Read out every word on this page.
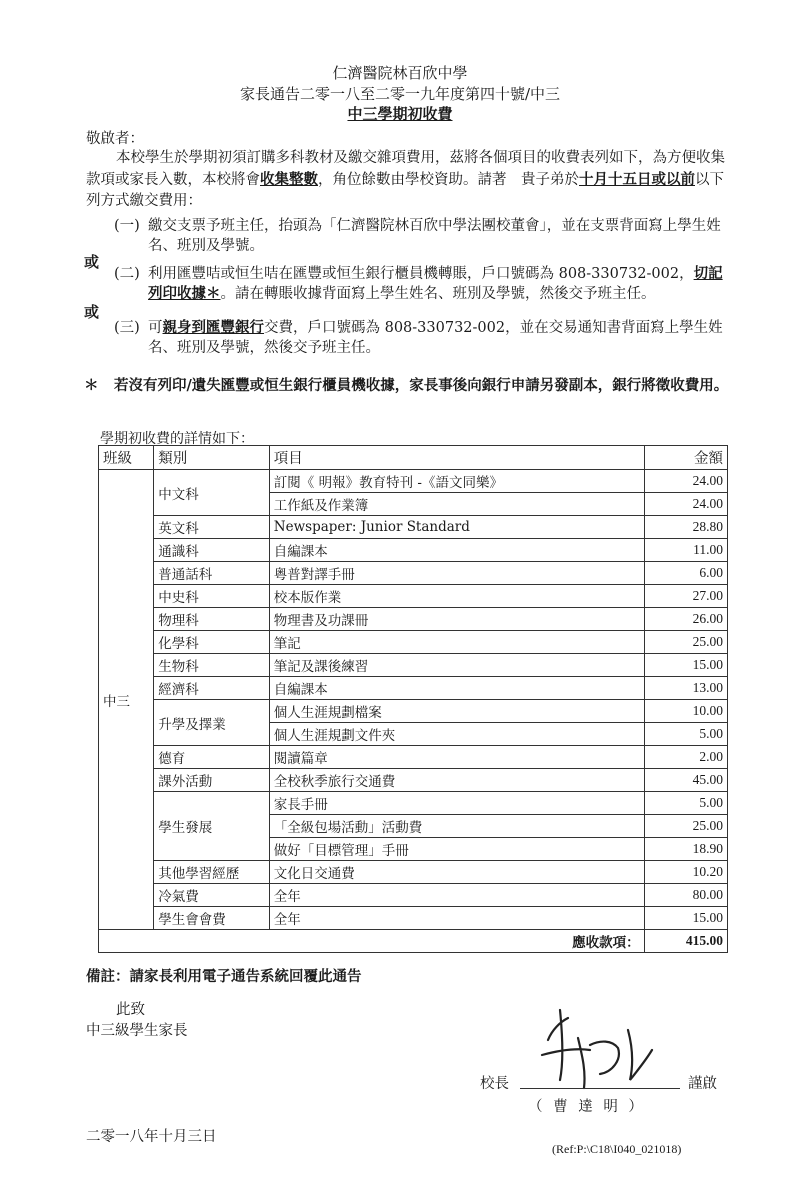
仁濟醫院林百欣中學
家長通告二零一八至二零一九年度第四十號/中三
中三學期初收費
敬啟者：
本校學生於學期初須訂購多科教材及繳交雜項費用，茲將各個項目的收費表列如下，為方便收集款項或家長入數，本校將會收集整數，角位餘數由學校資助。請著　貴子弟於十月十五日或以前以下列方式繳交費用：
(一) 繳交支票予班主任，抬頭為「仁濟醫院林百欣中學法團校董會」，並在支票背面寫上學生姓名、班別及學號。
或
(二) 利用匯豐咭或恒生咭在匯豐或恒生銀行櫃員機轉賬，戶口號碼為 808-330732-002，切記列印收據＊。請在轉賬收據背面寫上學生姓名、班別及學號，然後交予班主任。
或
(三) 可親身到匯豐銀行交費，戶口號碼為 808-330732-002，並在交易通知書背面寫上學生姓名、班別及學號，然後交予班主任。
＊ 若沒有列印/遺失匯豐或恒生銀行櫃員機收據，家長事後向銀行申請另發副本，銀行將徵收費用。
學期初收費的詳情如下：
班級	類別	項目	金額
中三	中文科	訂閱《 明報》教育特刊 -《語文同樂》	24.00
		工作紙及作業簿	24.00
	英文科	Newspaper: Junior Standard	28.80
	通識科	自編課本	11.00
	普通話科	粵普對譯手冊	6.00
	中史科	校本版作業	27.00
	物理科	物理書及功課冊	26.00
	化學科	筆記	25.00
	生物科	筆記及課後練習	15.00
	經濟科	自編課本	13.00
	升學及擇業	個人生涯規劃檔案	10.00
		個人生涯規劃文件夾	5.00
	德育	閱讀篇章	2.00
	課外活動	全校秋季旅行交通費	45.00
	學生發展	家長手冊	5.00
		「全級包場活動」活動費	25.00
		做好「目標管理」手冊	18.90
	其他學習經歷	文化日交通費	10.20
	冷氣費	全年	80.00
	學生會會費	全年	15.00
		應收款項：	415.00
備註：請家長利用電子通告系統回覆此通告
此致
中三級學生家長
校長	謹啟
（ 曹 達 明 ）
二零一八年十月三日
(Ref:P:\C18\I040_021018)
